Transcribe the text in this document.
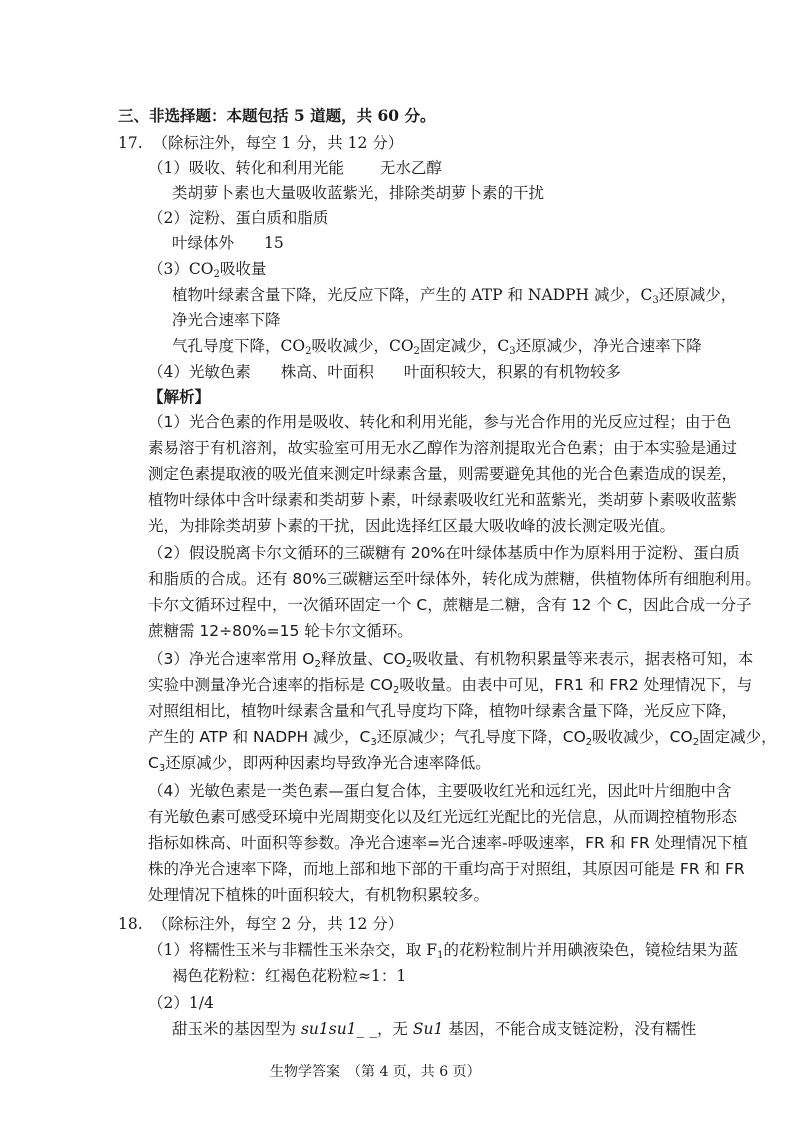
三、非选择题：本题包括 5 道题，共 60 分。
17. （除标注外，每空 1 分，共 12 分）
（1）吸收、转化和利用光能 无水乙醇
类胡萝卜素也大量吸收蓝紫光，排除类胡萝卜素的干扰
（2）淀粉、蛋白质和脂质
叶绿体外 15
$(3)CO_2$吸收量
植物叶绿素含量下降，光反应下降，产生的 ATP 和 NADPH 减少，$C_3$还原减少，
净光合速率下降
气孔导度下降，$CO_2$吸收减少，$CO_2$固定减少，$C_3$还原减少，净光合速率下降
（4）光敏色素 株高、叶面积 叶面积较大，积累的有机物较多
【解析】
（1）光合色素的作用是吸收、转化和利用光能，参与光合作用的光反应过程；由于色
素易溶于有机溶剂，故实验室可用无水乙醇作为溶剂提取光合色素；由于本实验是通过
测定色素提取液的吸光值来测定叶绿素含量，则需要避免其他的光合色素造成的误差，
植物叶绿体中含叶绿素和类胡萝卜素，叶绿素吸收红光和蓝紫光，类胡萝卜素吸收蓝紫
光，为排除类胡萝卜素的干扰，因此选择红区最大吸收峰的波长测定吸光值。
（2）假设脱离卡尔文循环的三碳糖有 20%在叶绿体基质中作为原料用于淀粉、蛋白质
和脂质的合成。还有 80%三碳糖运至叶绿体外，转化成为蔗糖，供植物体所有细胞利用。
卡尔文循环过程中，一次循环固定一个 C，蔗糖是二糖，含有 12 个 C，因此合成一分子
蔗糖需 12÷80%=15 轮卡尔文循环。
（3）净光合速率常用 $O_2$释放量、$CO_2$吸收量、有机物积累量等来表示，据表格可知，本
实验中测量净光合速率的指标是 $CO_2$吸收量。由表中可见，FR1 和 FR2 处理情况下，与
对照组相比，植物叶绿素含量和气孔导度均下降，植物叶绿素含量下降，光反应下降，
产生的 ATP 和 NADPH 减少，$C_3$还原减少；气孔导度下降，$CO_2$吸收减少，$CO_2$固定减少，
$C_3$还原减少，即两种因素均导致净光合速率降低。
（4）光敏色素是一类色素—蛋白复合体，主要吸收红光和远红光，因此叶片细胞中含
有光敏色素可感受环境中光周期变化以及红光远红光配比的光信息，从而调控植物形态
指标如株高、叶面积等参数。净光合速率=光合速率-呼吸速率，FR 和 FR 处理情况下植
株的净光合速率下降，而地上部和地下部的干重均高于对照组，其原因可能是 FR 和 FR
处理情况下植株的叶面积较大，有机物积累较多。
18. （除标注外，每空 2 分，共 12 分）
（1）将糯性玉米与非糯性玉米杂交，取 $F_1$的花粉粒制片并用碘液染色，镜检结果为蓝
褐色花粉粒：红褐色花粉粒≈1：1
（2）1/4
甜玉米的基因型为 su1su1_ _，无 Su1 基因，不能合成支链淀粉，没有糯性
生物学答案　（第 4 页，共 6 页）
